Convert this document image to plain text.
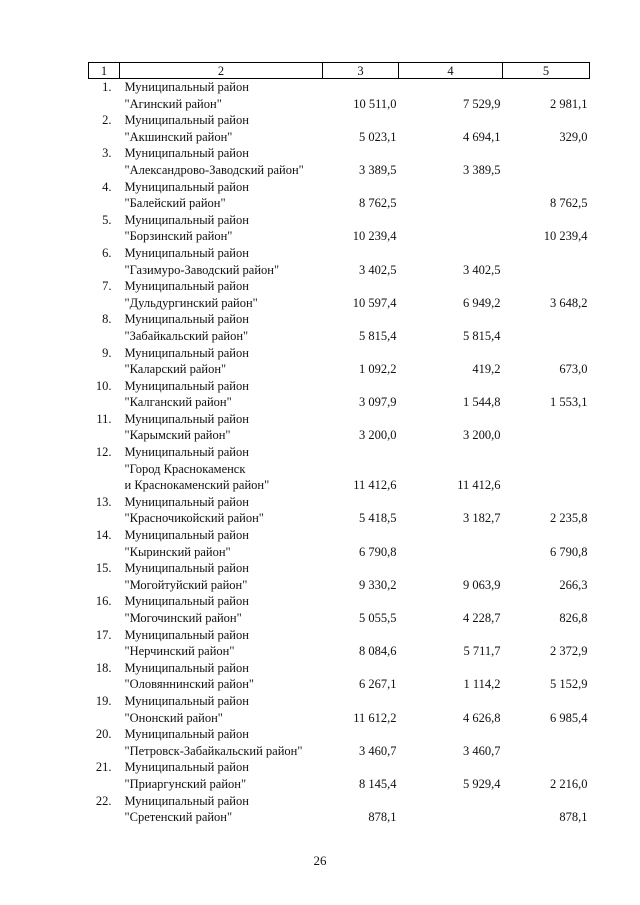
1	2	3	4	5
1.	Муниципальный район
"Агинский район"	10 511,0	7 529,9	2 981,1
2.	Муниципальный район
"Акшинский район"	5 023,1	4 694,1	329,0
3.	Муниципальный район
"Александрово-Заводский район"	3 389,5	3 389,5	
4.	Муниципальный район
"Балейский район"	8 762,5		8 762,5
5.	Муниципальный район
"Борзинский район"	10 239,4		10 239,4
6.	Муниципальный район
"Газимуро-Заводский район"	3 402,5	3 402,5	
7.	Муниципальный район
"Дульдургинский район"	10 597,4	6 949,2	3 648,2
8.	Муниципальный район
"Забайкальский район"	5 815,4	5 815,4	
9.	Муниципальный район
"Каларский район"	1 092,2	419,2	673,0
10.	Муниципальный район
"Калганский район"	3 097,9	1 544,8	1 553,1
11.	Муниципальный район
"Карымский район"	3 200,0	3 200,0	
12.	Муниципальный район
"Город Краснокаменск
и Краснокаменский район"	11 412,6	11 412,6	
13.	Муниципальный район
"Красночикойский район"	5 418,5	3 182,7	2 235,8
14.	Муниципальный район
"Кыринский район"	6 790,8		6 790,8
15.	Муниципальный район
"Могойтуйский район"	9 330,2	9 063,9	266,3
16.	Муниципальный район
"Могочинский район"	5 055,5	4 228,7	826,8
17.	Муниципальный район
"Нерчинский район"	8 084,6	5 711,7	2 372,9
18.	Муниципальный район
"Оловяннинский район"	6 267,1	1 114,2	5 152,9
19.	Муниципальный район
"Ононский район"	11 612,2	4 626,8	6 985,4
20.	Муниципальный район
"Петровск-Забайкальский район"	3 460,7	3 460,7	
21.	Муниципальный район
"Приаргунский район"	8 145,4	5 929,4	2 216,0
22.	Муниципальный район
"Сретенский район"	878,1		878,1
26
